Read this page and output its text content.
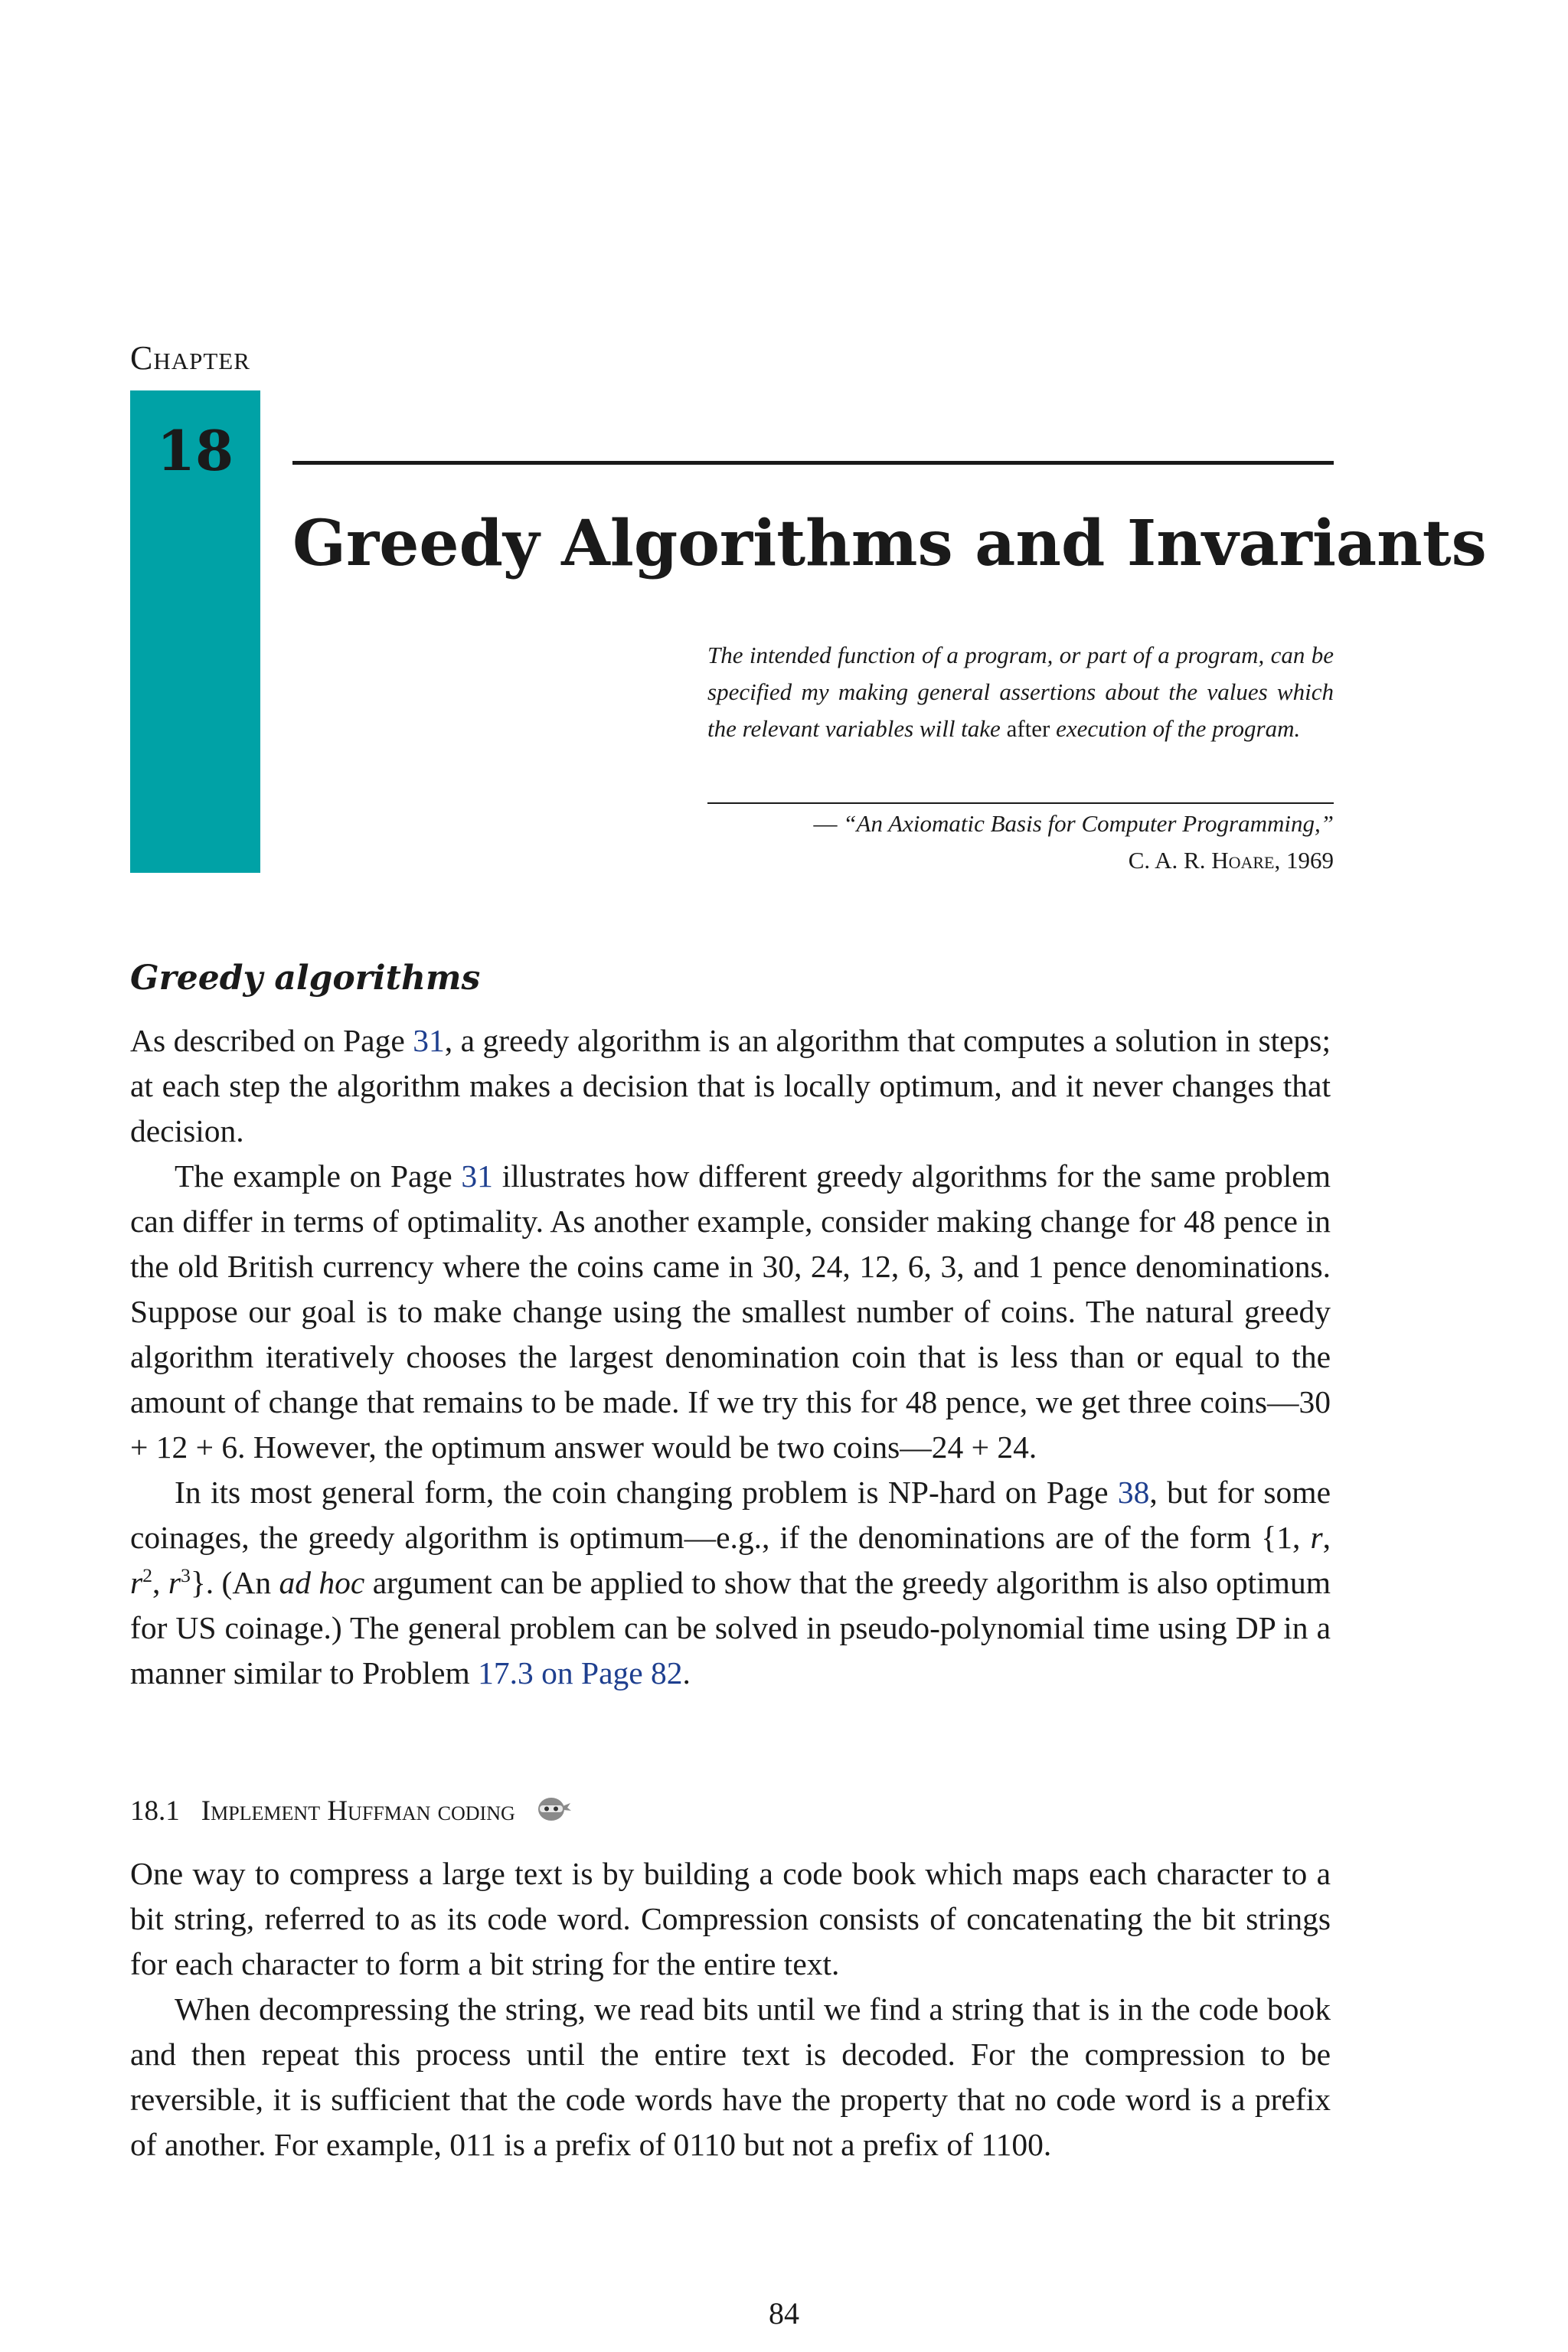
Chapter
18
Greedy Algorithms and Invariants
The intended function of a program, or part of a program, can be specified my making general assertions about the values which the relevant variables will take after execution of the program.
— “An Axiomatic Basis for Computer Programming,”
C. A. R. Hoare, 1969
Greedy algorithms

As described on Page 31, a greedy algorithm is an algorithm that computes a solution in steps; at each step the algorithm makes a decision that is locally optimum, and it never changes that decision.

The example on Page 31 illustrates how different greedy algorithms for the same problem can differ in terms of optimality. As another example, consider making change for 48 pence in the old British currency where the coins came in 30, 24, 12, 6, 3, and 1 pence denominations. Suppose our goal is to make change using the smallest number of coins. The natural greedy algorithm iteratively chooses the largest denomination coin that is less than or equal to the amount of change that remains to be made. If we try this for 48 pence, we get three coins—30 + 12 + 6. However, the optimum answer would be two coins—24 + 24.

In its most general form, the coin changing problem is NP-hard on Page 38, but for some coinages, the greedy algorithm is optimum—e.g., if the denominations are of the form {1, r, $r^2$, $r^3$}. (An ad hoc argument can be applied to show that the greedy algorithm is also optimum for US coinage.) The general problem can be solved in pseudo-polynomial time using DP in a manner similar to Problem 17.3 on Page 82.

18.1 Implement Huffman coding

One way to compress a large text is by building a code book which maps each character to a bit string, referred to as its code word. Compression consists of concatenating the bit strings for each character to form a bit string for the entire text.

When decompressing the string, we read bits until we find a string that is in the code book and then repeat this process until the entire text is decoded. For the compression to be reversible, it is sufficient that the code words have the property that no code word is a prefix of another. For example, 011 is a prefix of 0110 but not a prefix of 1100.

84
